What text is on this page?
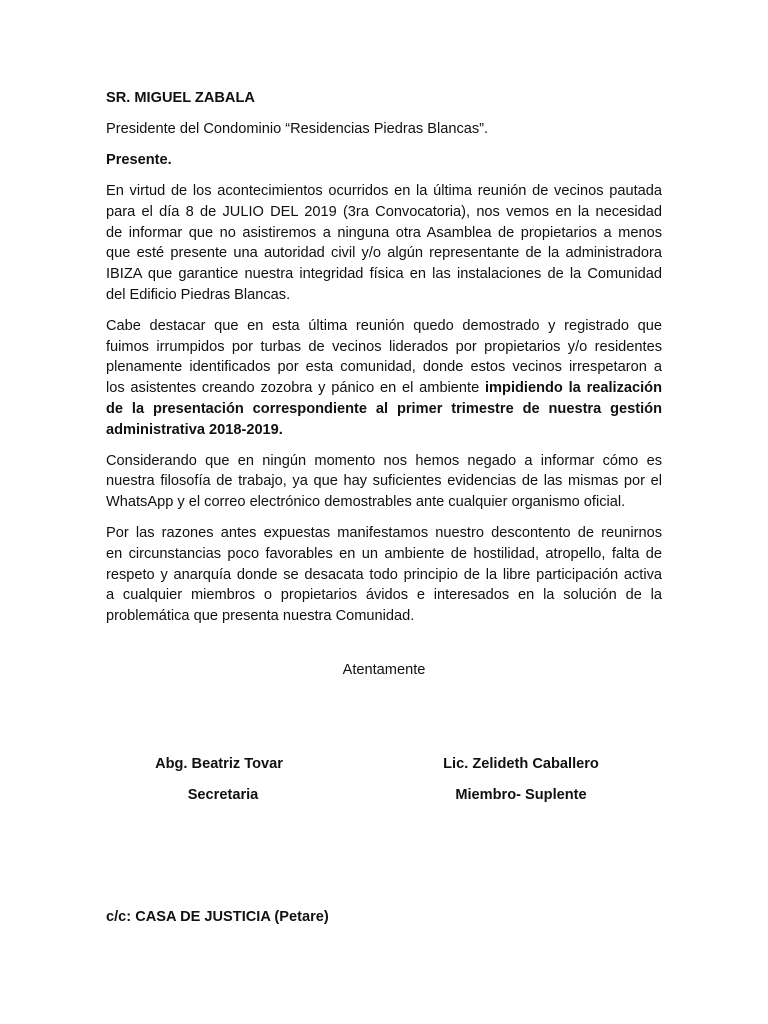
SR. MIGUEL ZABALA

Presidente del Condominio “Residencias Piedras Blancas”.

Presente.

En virtud de los acontecimientos ocurridos en la última reunión de vecinos pautada
para el día 8 de JULIO DEL 2019 (3ra Convocatoria), nos vemos en la necesidad
de informar que no asistiremos a ninguna otra Asamblea de propietarios a menos
que esté presente una autoridad civil y/o algún representante de la administradora
IBIZA que garantice nuestra integridad física en las instalaciones de la Comunidad
del Edificio Piedras Blancas.
Cabe destacar que en esta última reunión quedo demostrado y registrado que
fuimos irrumpidos por turbas de vecinos liderados por propietarios y/o residentes
plenamente identificados por esta comunidad, donde estos vecinos irrespetaron a
los asistentes creando zozobra y pánico en el ambiente impidiendo la realización
de la presentación correspondiente al primer trimestre de nuestra gestión
administrativa 2018-2019.
Considerando que en ningún momento nos hemos negado a informar cómo es
nuestra filosofía de trabajo, ya que hay suficientes evidencias de las mismas por el
WhatsApp y el correo electrónico demostrables ante cualquier organismo oficial.
Por las razones antes expuestas manifestamos nuestro descontento de reunirnos
en circunstancias poco favorables en un ambiente de hostilidad, atropello, falta de
respeto y anarquía donde se desacata todo principio de la libre participación activa
a cualquier miembros o propietarios ávidos e interesados en la solución de la
problemática que presenta nuestra Comunidad.
Atentamente
Abg. Beatriz Tovar
Secretaria
Lic. Zelideth Caballero
Miembro- Suplente
c/c: CASA DE JUSTICIA (Petare)
